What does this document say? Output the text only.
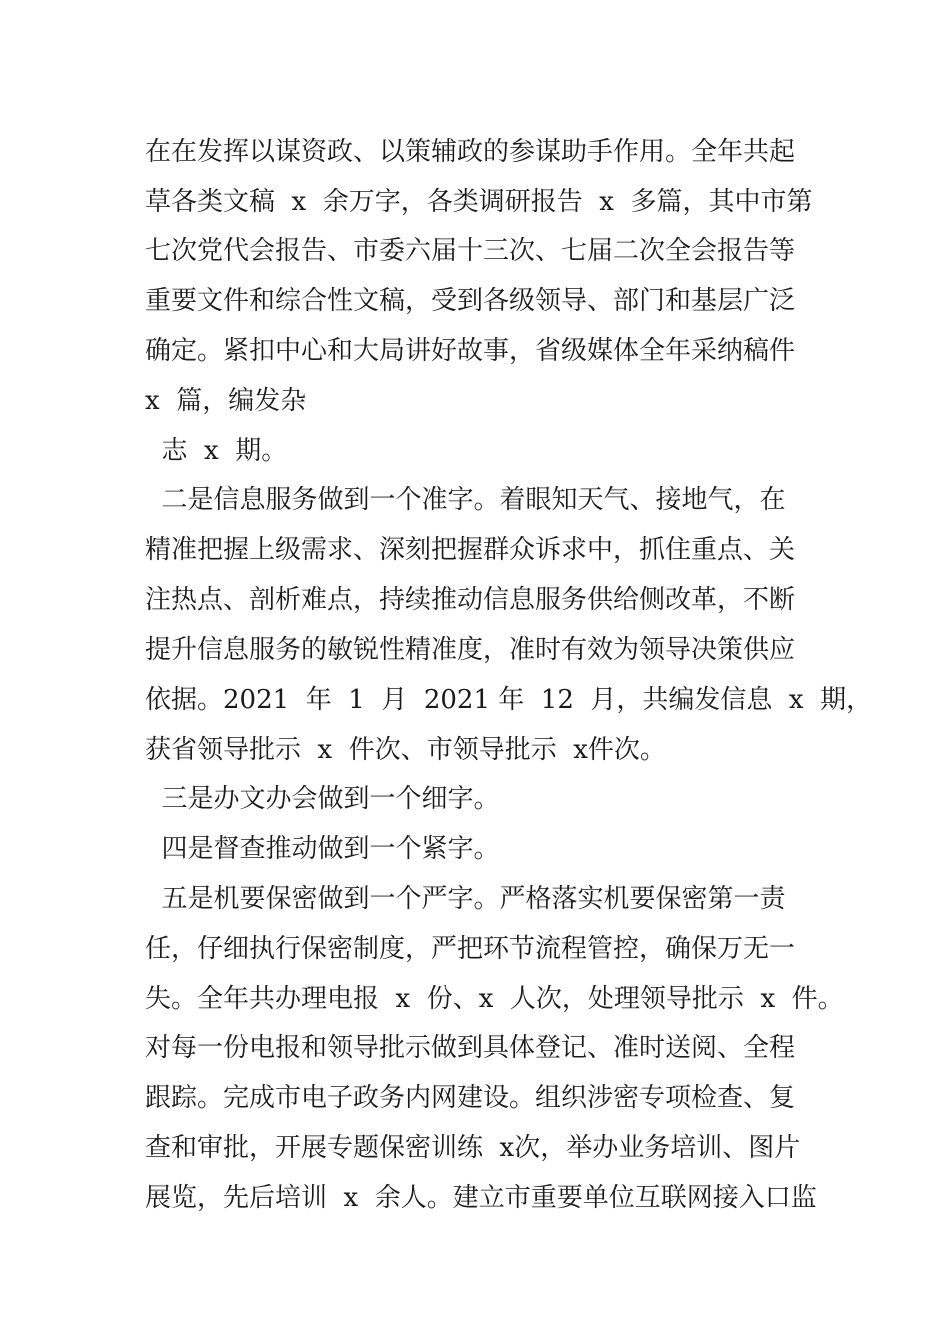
在在发挥以谋资政、以策辅政的参谋助手作用。全年共起
草各类文稿  x  余万字，各类调研报告  x  多篇，其中市第
七次党代会报告、市委六届十三次、七届二次全会报告等
重要文件和综合性文稿，受到各级领导、部门和基层广泛
确定。紧扣中心和大局讲好故事，省级媒体全年采纳稿件
x  篇，编发杂
志  x  期。
二是信息服务做到一个准字。着眼知天气、接地气，在
精准把握上级需求、深刻把握群众诉求中，抓住重点、关
注热点、剖析难点，持续推动信息服务供给侧改革，不断
提升信息服务的敏锐性精准度，准时有效为领导决策供应
依据。2021  年  1  月  2021 年  12  月，共编发信息  x  期，
获省领导批示  x  件次、市领导批示  x件次。
三是办文办会做到一个细字。
四是督查推动做到一个紧字。
五是机要保密做到一个严字。严格落实机要保密第一责
任，仔细执行保密制度，严把环节流程管控，确保万无一
失。全年共办理电报  x  份、x  人次，处理领导批示  x  件。
对每一份电报和领导批示做到具体登记、准时送阅、全程
跟踪。完成市电子政务内网建设。组织涉密专项检查、复
查和审批，开展专题保密训练  x次，举办业务培训、图片
展览，先后培训  x  余人。建立市重要单位互联网接入口监
